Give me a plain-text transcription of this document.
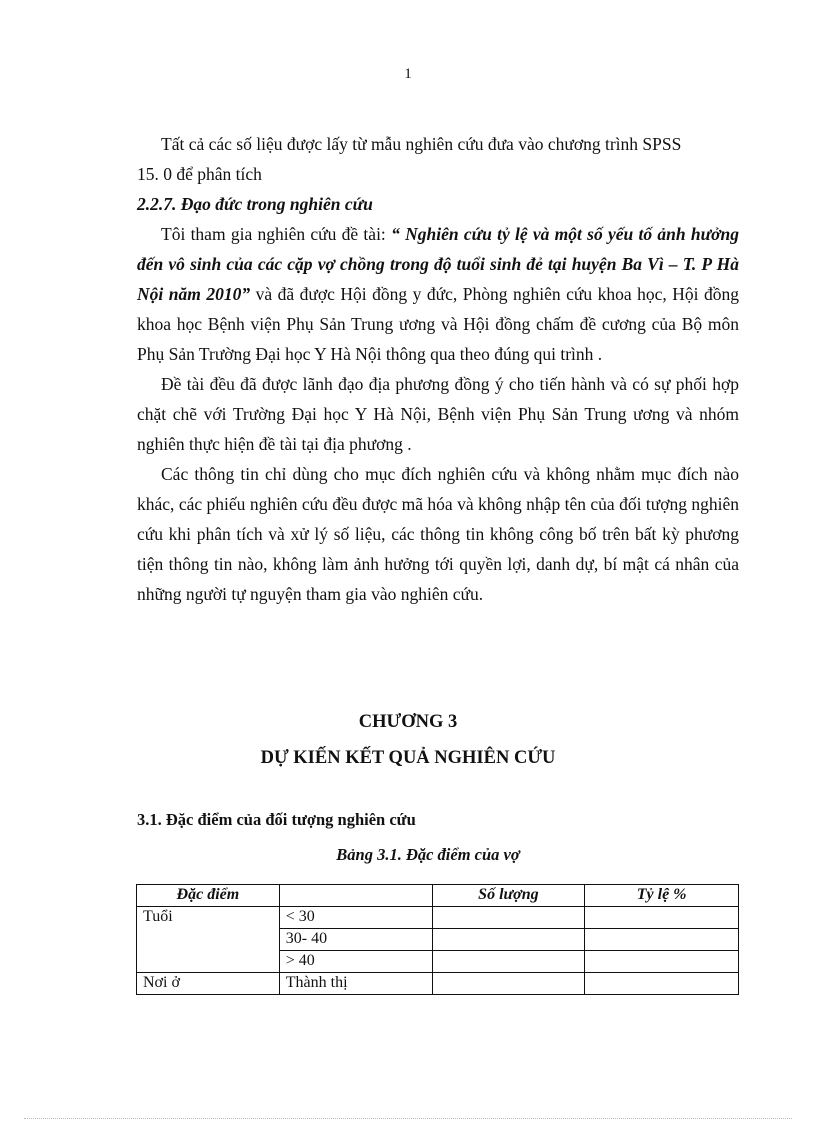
1

Tất cả các số liệu được lấy từ mẫu nghiên cứu đưa vào chương trình SPSS

15. 0 để phân tích

2.2.7. Đạo đức trong nghiên cứu

Tôi tham gia nghiên cứu đề tài: “ Nghiên cứu tỷ lệ và một số yếu tố ảnh hưởng đến vô sinh của các cặp vợ chồng trong độ tuổi sinh đẻ tại huyện Ba Vì – T. P Hà Nội năm 2010” và đã được Hội đồng y đức, Phòng nghiên cứu khoa học, Hội đồng khoa học Bệnh viện Phụ Sản Trung ương và Hội đồng chấm đề cương của Bộ môn Phụ Sản Trường Đại học Y Hà Nội thông qua theo đúng qui trình .

Đề tài đều đã được lãnh đạo địa phương đồng ý cho tiến hành và có sự phối hợp chặt chẽ với Trường Đại học Y Hà Nội, Bệnh viện Phụ Sản Trung ương và nhóm nghiên thực hiện đề tài tại địa phương .

Các thông tin chỉ dùng cho mục đích nghiên cứu và không nhằm mục đích nào khác, các phiếu nghiên cứu đều được mã hóa và không nhập tên của đối tượng nghiên cứu khi phân tích và xử lý số liệu, các thông tin không công bố trên bất kỳ phương tiện thông tin nào, không làm ảnh hưởng tới quyền lợi, danh dự, bí mật cá nhân của những người tự nguyện tham gia vào nghiên cứu.

CHƯƠNG 3
DỰ KIẾN KẾT QUẢ NGHIÊN CỨU
3.1. Đặc điểm của đối tượng nghiên cứu
Bảng 3.1. Đặc điểm của vợ
Đặc điểm		Số lượng	Tỷ lệ %
Tuổi	< 30		
	30- 40		
	> 40		
Nơi ở	Thành thị		
